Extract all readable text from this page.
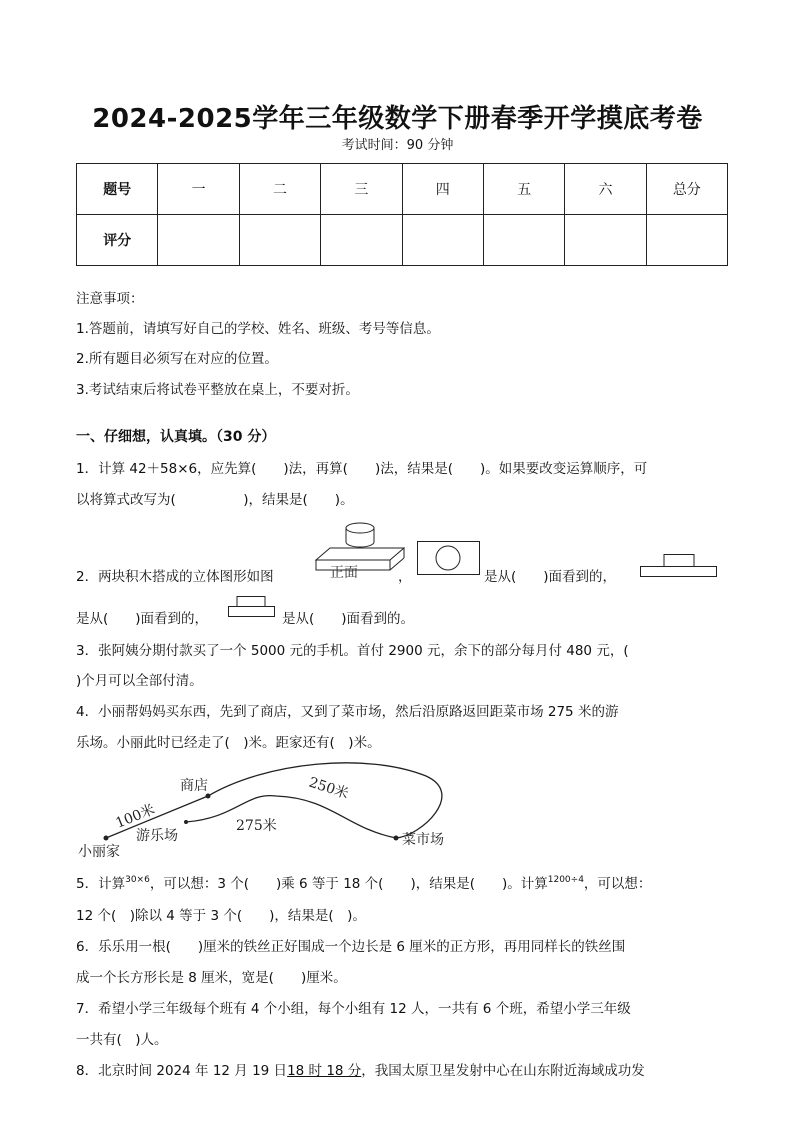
2024-2025学年三年级数学下册春季开学摸底考卷
考试时间：90 分钟
题号	一	二	三	四	五	六	总分
评分							
注意事项：
1.答题前，请填写好自己的学校、姓名、班级、考号等信息。
2.所有题目必须写在对应的位置。
3.考试结束后将试卷平整放在桌上，不要对折。
一、仔细想，认真填。（30 分）
1．计算 42＋58×6，应先算(　　)法，再算(　　)法，结果是(　　)。如果要改变运算顺序，可
以将算式改写为(　　　　　)，结果是(　　)。
2．两块积木搭成的立体图形如图	正面	，	是从(　　)面看到的，
是从(　　)面看到的，	是从(　　)面看到的。
3．张阿姨分期付款买了一个 5000 元的手机。首付 2900 元，余下的部分每月付 480 元，(
)个月可以全部付清。
4．小丽帮妈妈买东西，先到了商店，又到了菜市场，然后沿原路返回距菜市场 275 米的游
乐场。小丽此时已经走了(　)米。距家还有(　)米。
小丽家
商店
菜市场
游乐场
100米
250米
275米
5．计算$^{30\times 6}$，可以想：3 个(　　)乘 6 等于 18 个(　　)，结果是(　　)。计算$^{1200\div 4}$，可以想：
12 个(　)除以 4 等于 3 个(　　)，结果是(　)。
6．乐乐用一根(　　)厘米的铁丝正好围成一个边长是 6 厘米的正方形，再用同样长的铁丝围
成一个长方形长是 8 厘米，宽是(　　)厘米。
7．希望小学三年级每个班有 4 个小组，每个小组有 12 人，一共有 6 个班，希望小学三年级
一共有(　)人。
8．北京时间 2024 年 12 月 19 日18 时 18 分，我国太原卫星发射中心在山东附近海域成功发
